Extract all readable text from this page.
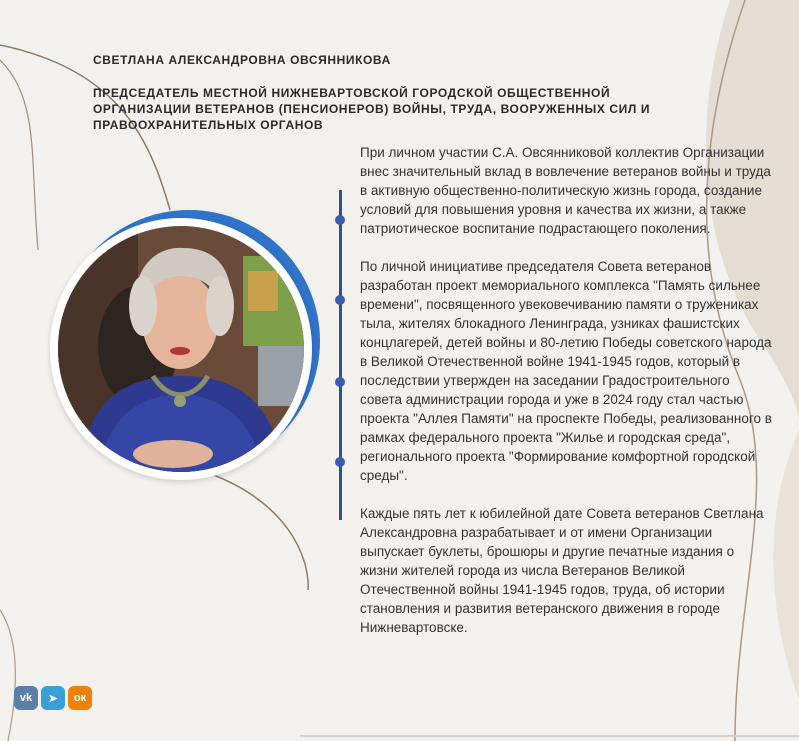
СВЕТЛАНА АЛЕКСАНДРОВНА ОВСЯННИКОВА
ПРЕДСЕДАТЕЛЬ МЕСТНОЙ НИЖНЕВАРТОВСКОЙ ГОРОДСКОЙ ОБЩЕСТВЕННОЙ ОРГАНИЗАЦИИ ВЕТЕРАНОВ (ПЕНСИОНЕРОВ) ВОЙНЫ, ТРУДА, ВООРУЖЕННЫХ СИЛ И ПРАВООХРАНИТЕЛЬНЫХ ОРГАНОВ

При личном участии С.А. Овсянниковой коллектив Организации внес значительный вклад в вовлечение ветеранов войны и труда в активную общественно-политическую жизнь города, создание условий для повышения уровня и качества их жизни, а также патриотическое воспитание подрастающего поколения.

По личной инициативе председателя Совета ветеранов разработан проект мемориального комплекса "Память сильнее времени", посвященного увековечиванию памяти о тружениках тыла, жителях блокадного Ленинграда, узниках фашистских концлагерей, детей войны и 80-летию Победы советского народа в Великой Отечественной войне 1941-1945 годов, который в последствии утвержден на заседании Градостроительного совета администрации города и уже в 2024 году стал частью проекта "Аллея Памяти" на проспекте Победы, реализованного в рамках федерального проекта "Жилье и городская среда", регионального проекта "Формирование комфортной городской среды".

Каждые пять лет к юбилейной дате Совета ветеранов Светлана Александровна разрабатывает и от имени Организации выпускает буклеты, брошюры и другие печатные издания о жизни жителей города из числа Ветеранов Великой Отечественной войны 1941-1945 годов, труда, об истории становления и развития ветеранского движения в городе Нижневартовске.

vk	➤	ок
